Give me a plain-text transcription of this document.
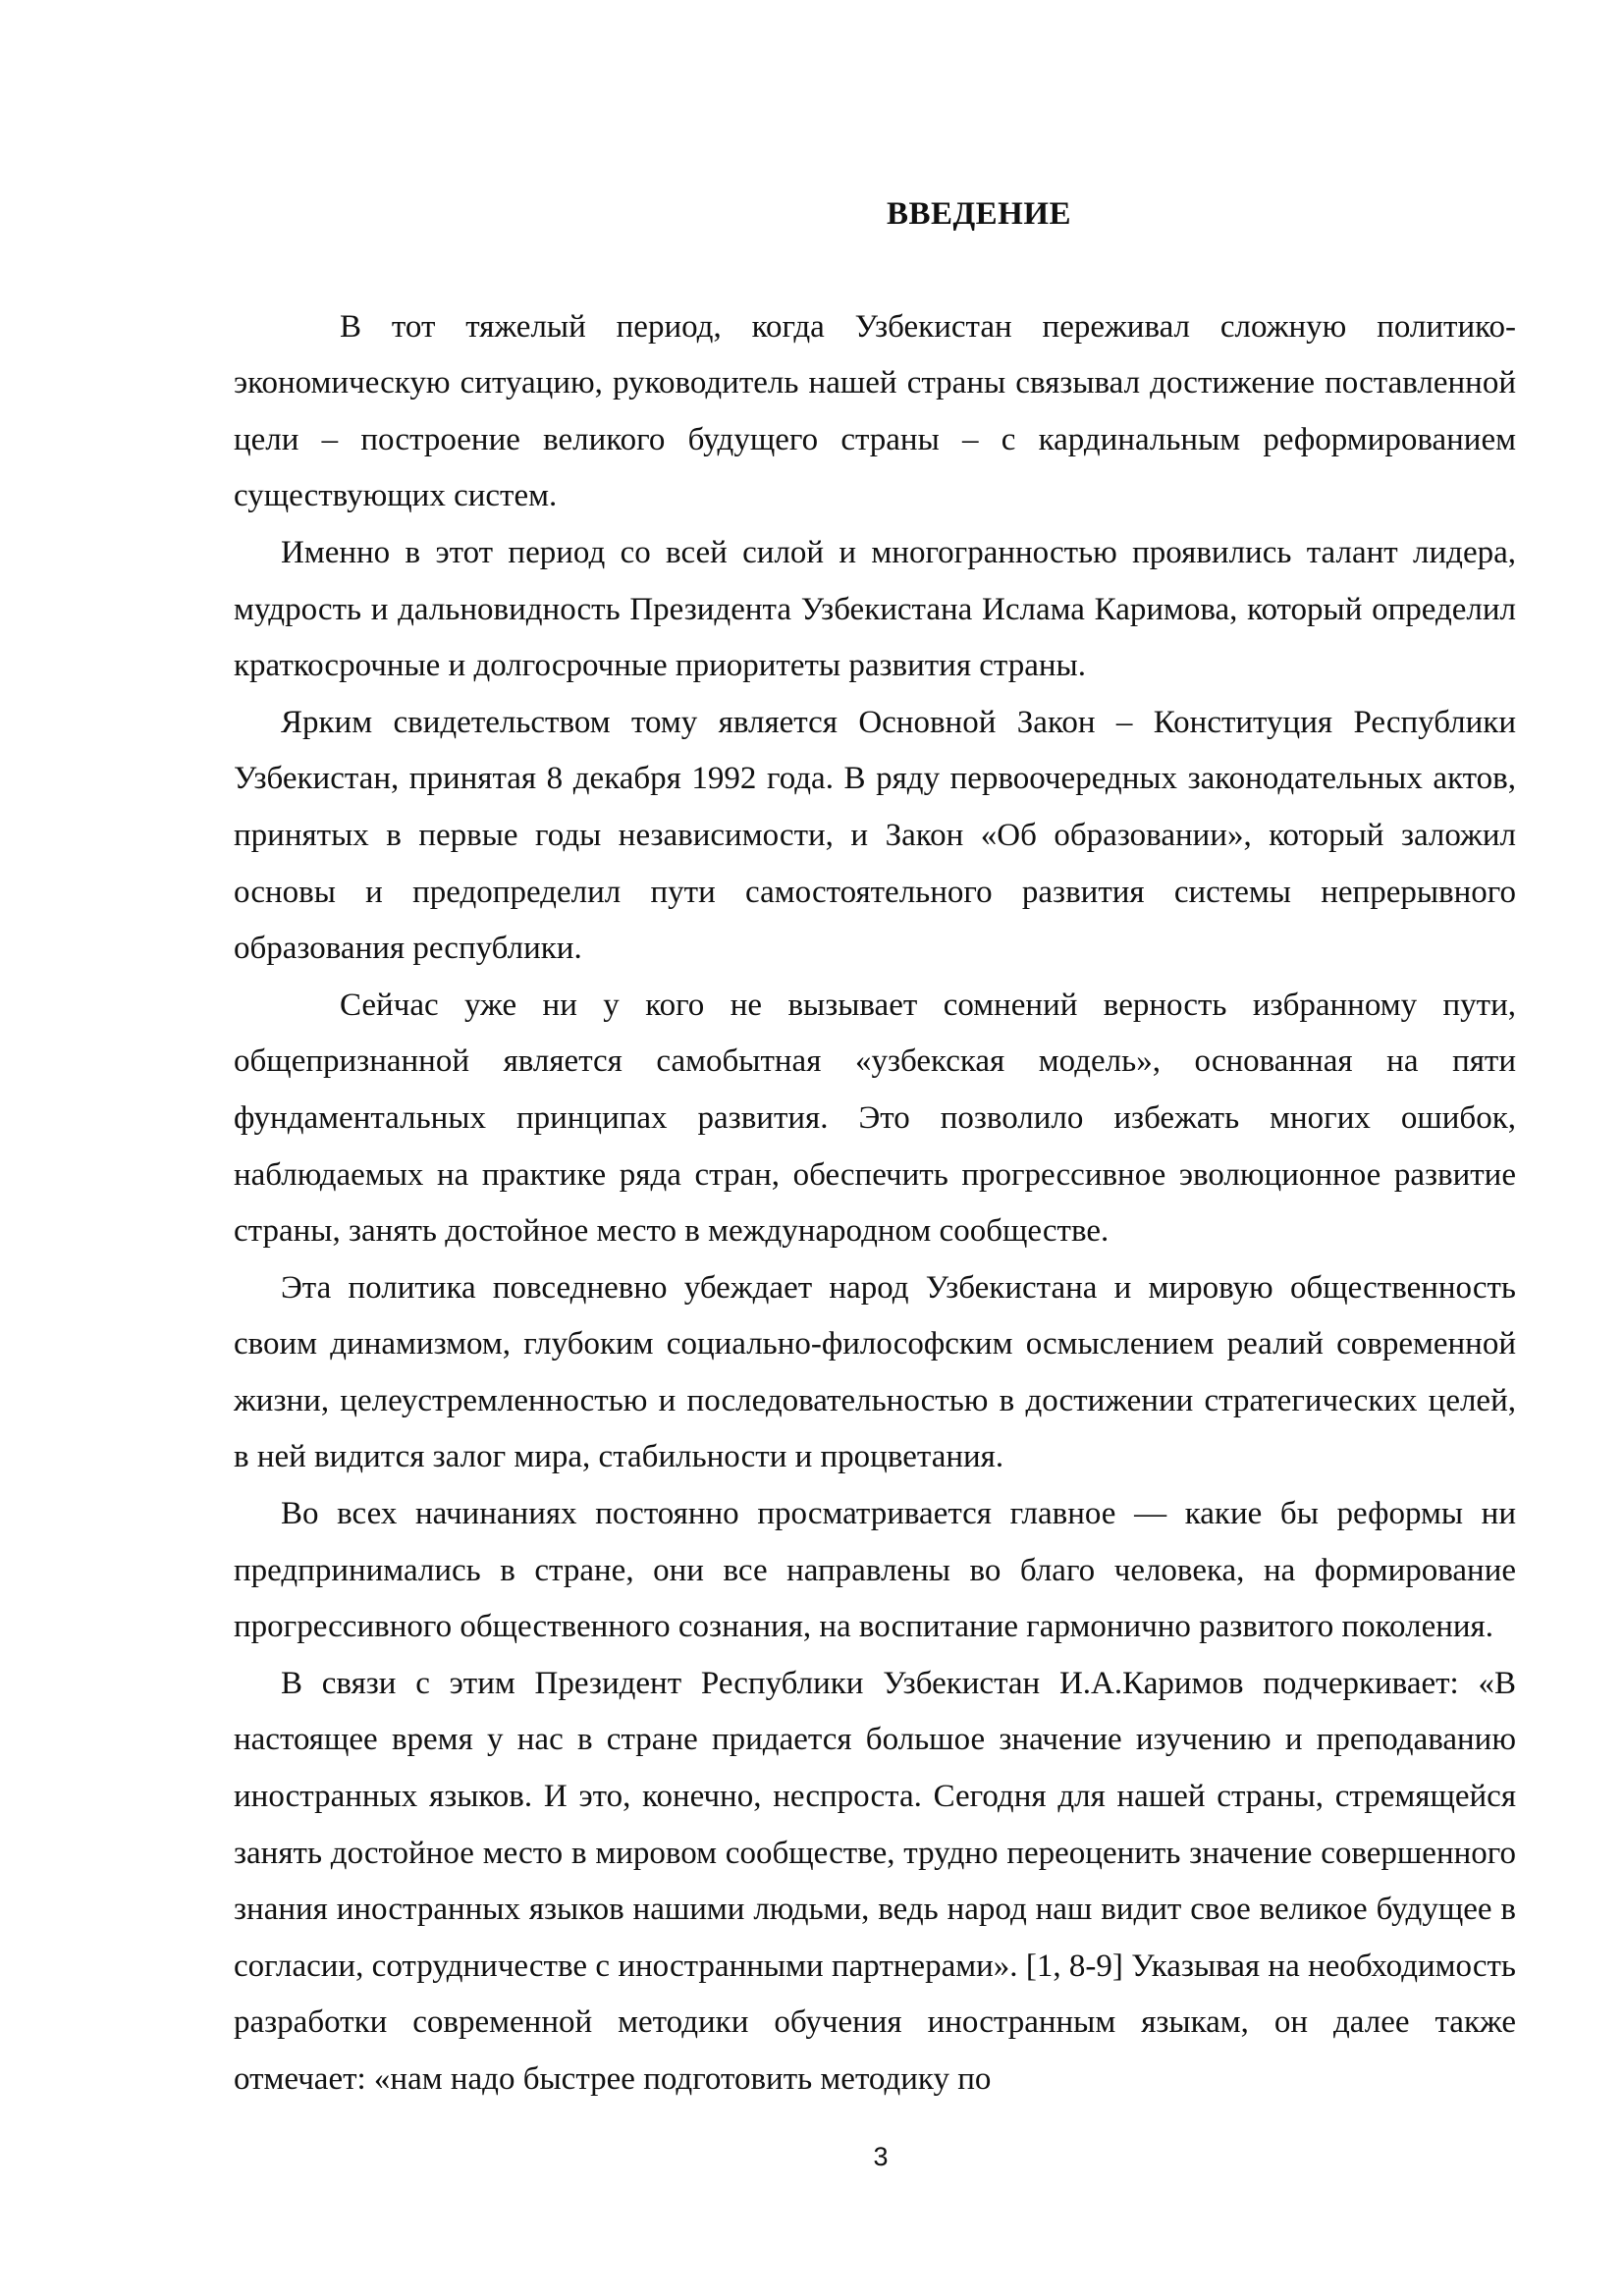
ВВЕДЕНИЕ

В тот тяжелый период, когда Узбекистан переживал сложную политико-экономическую ситуацию, руководитель нашей страны связывал достижение поставленной цели – построение великого будущего страны – с кардинальным реформированием существующих систем.

Именно в этот период со всей силой и многогранностью проявились талант лидера, мудрость и дальновидность Президента Узбекистана Ислама Каримова, который определил краткосрочные и долгосрочные приоритеты развития страны.

Ярким свидетельством тому является Основной Закон – Конституция Республики Узбекистан, принятая 8 декабря 1992 года. В ряду первоочередных законодательных актов, принятых в первые годы независимости, и Закон «Об образовании», который заложил основы и предопределил пути самостоятельного развития системы непрерывного образования республики.

Сейчас уже ни у кого не вызывает сомнений верность избранному пути, общепризнанной является самобытная «узбекская модель», основанная на пяти фундаментальных принципах развития. Это позволило избежать многих ошибок, наблюдаемых на практике ряда стран, обеспечить прогрессивное эволюционное развитие страны, занять достойное место в международном сообществе.

Эта политика повседневно убеждает народ Узбекистана и мировую общественность своим динамизмом, глубоким социально-философским осмыслением реалий современной жизни, целеустремленностью и последовательностью в достижении стратегических целей, в ней видится залог мира, стабильности и процветания.

Во всех начинаниях постоянно просматривается главное — какие бы реформы ни предпринимались в стране, они все направлены во благо человека, на формирование прогрессивного общественного сознания, на воспитание гармонично развитого поколения.

В связи с этим Президент Республики Узбекистан И.А.Каримов подчеркивает: «В настоящее время у нас в стране придается большое значение изучению и преподаванию иностранных языков. И это, конечно, неспроста. Сегодня для нашей страны, стремящейся занять достойное место в мировом сообществе, трудно переоценить значение совершенного знания иностранных языков нашими людьми, ведь народ наш видит свое великое будущее в согласии, сотрудничестве с иностранными партнерами». [1, 8-9] Указывая на необходимость разработки современной методики обучения иностранным языкам, он далее также отмечает: «нам надо быстрее подготовить методику по

3
